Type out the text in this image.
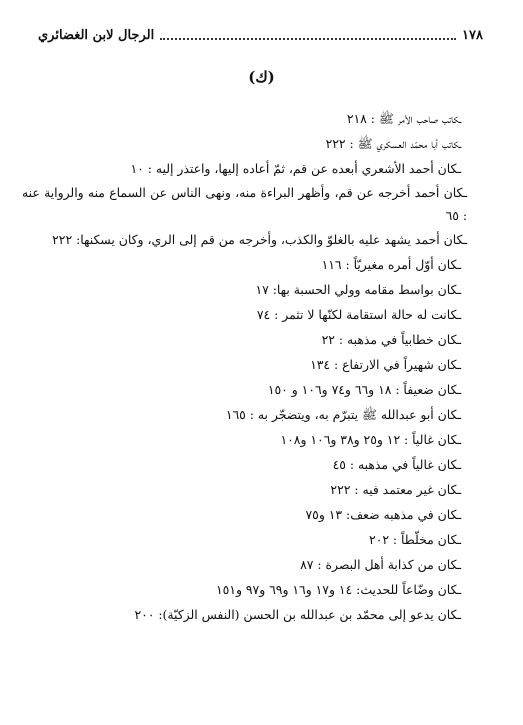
١٧٨
الرجال لابن الغضائري
(ك)
ـكاتب صاحب الأمر ﷺ : ٢١٨
ـكاتب أبا محمّد العسكري ﷺ : ٢٢٢
ـكان أحمد الأشعري أبعده عن قم، ثمّ أعاده إليها، واعتذر إليه : ١٠
ـكان أحمد أخرجه عن قم، وأظهر البراءة منه، ونهى الناس عن السماع منه والرواية عنه : ٦٥
ـكان أحمد يشهد عليه بالغلوّ والكذب، وأخرجه من قم إلى الري، وكان يسكنها: ٢٢٢
ـكان أوّل أمره مغيريّاً : ١١٦
ـكان بواسط مقامه وولي الحسبة بها: ١٧
ـكانت له حالة استقامة لكنّها لا تثمر : ٧٤
ـكان خطابياً في مذهبه : ٢٢
ـكان شهيراً في الارتفاع : ١٣٤
ـكان ضعيفاً : ١٨ و٦٦ و٧٤ و١٠٦ و ١٥٠
ـكان أبو عبدالله ﷺ يتبرّم به، ويتضجّر به : ١٦٥
ـكان غالياً : ١٢ و٢٥ و٣٨ و١٠٦ و١٠٨
ـكان غالياً في مذهبه : ٤٥
ـكان غير معتمد فيه : ٢٢٢
ـكان في مذهبه ضعف: ١٣ و٧٥
ـكان مخلّطاً : ٢٠٢
ـكان من كذابة أهل البصرة : ٨٧
ـكان وضّاعاً للحديث: ١٤ و١٧ و١٦ و٦٩ و٩٧ و١٥١
ـكان يدعو إلى محمّد بن عبدالله بن الحسن (النفس الزكيّة): ٢٠٠
